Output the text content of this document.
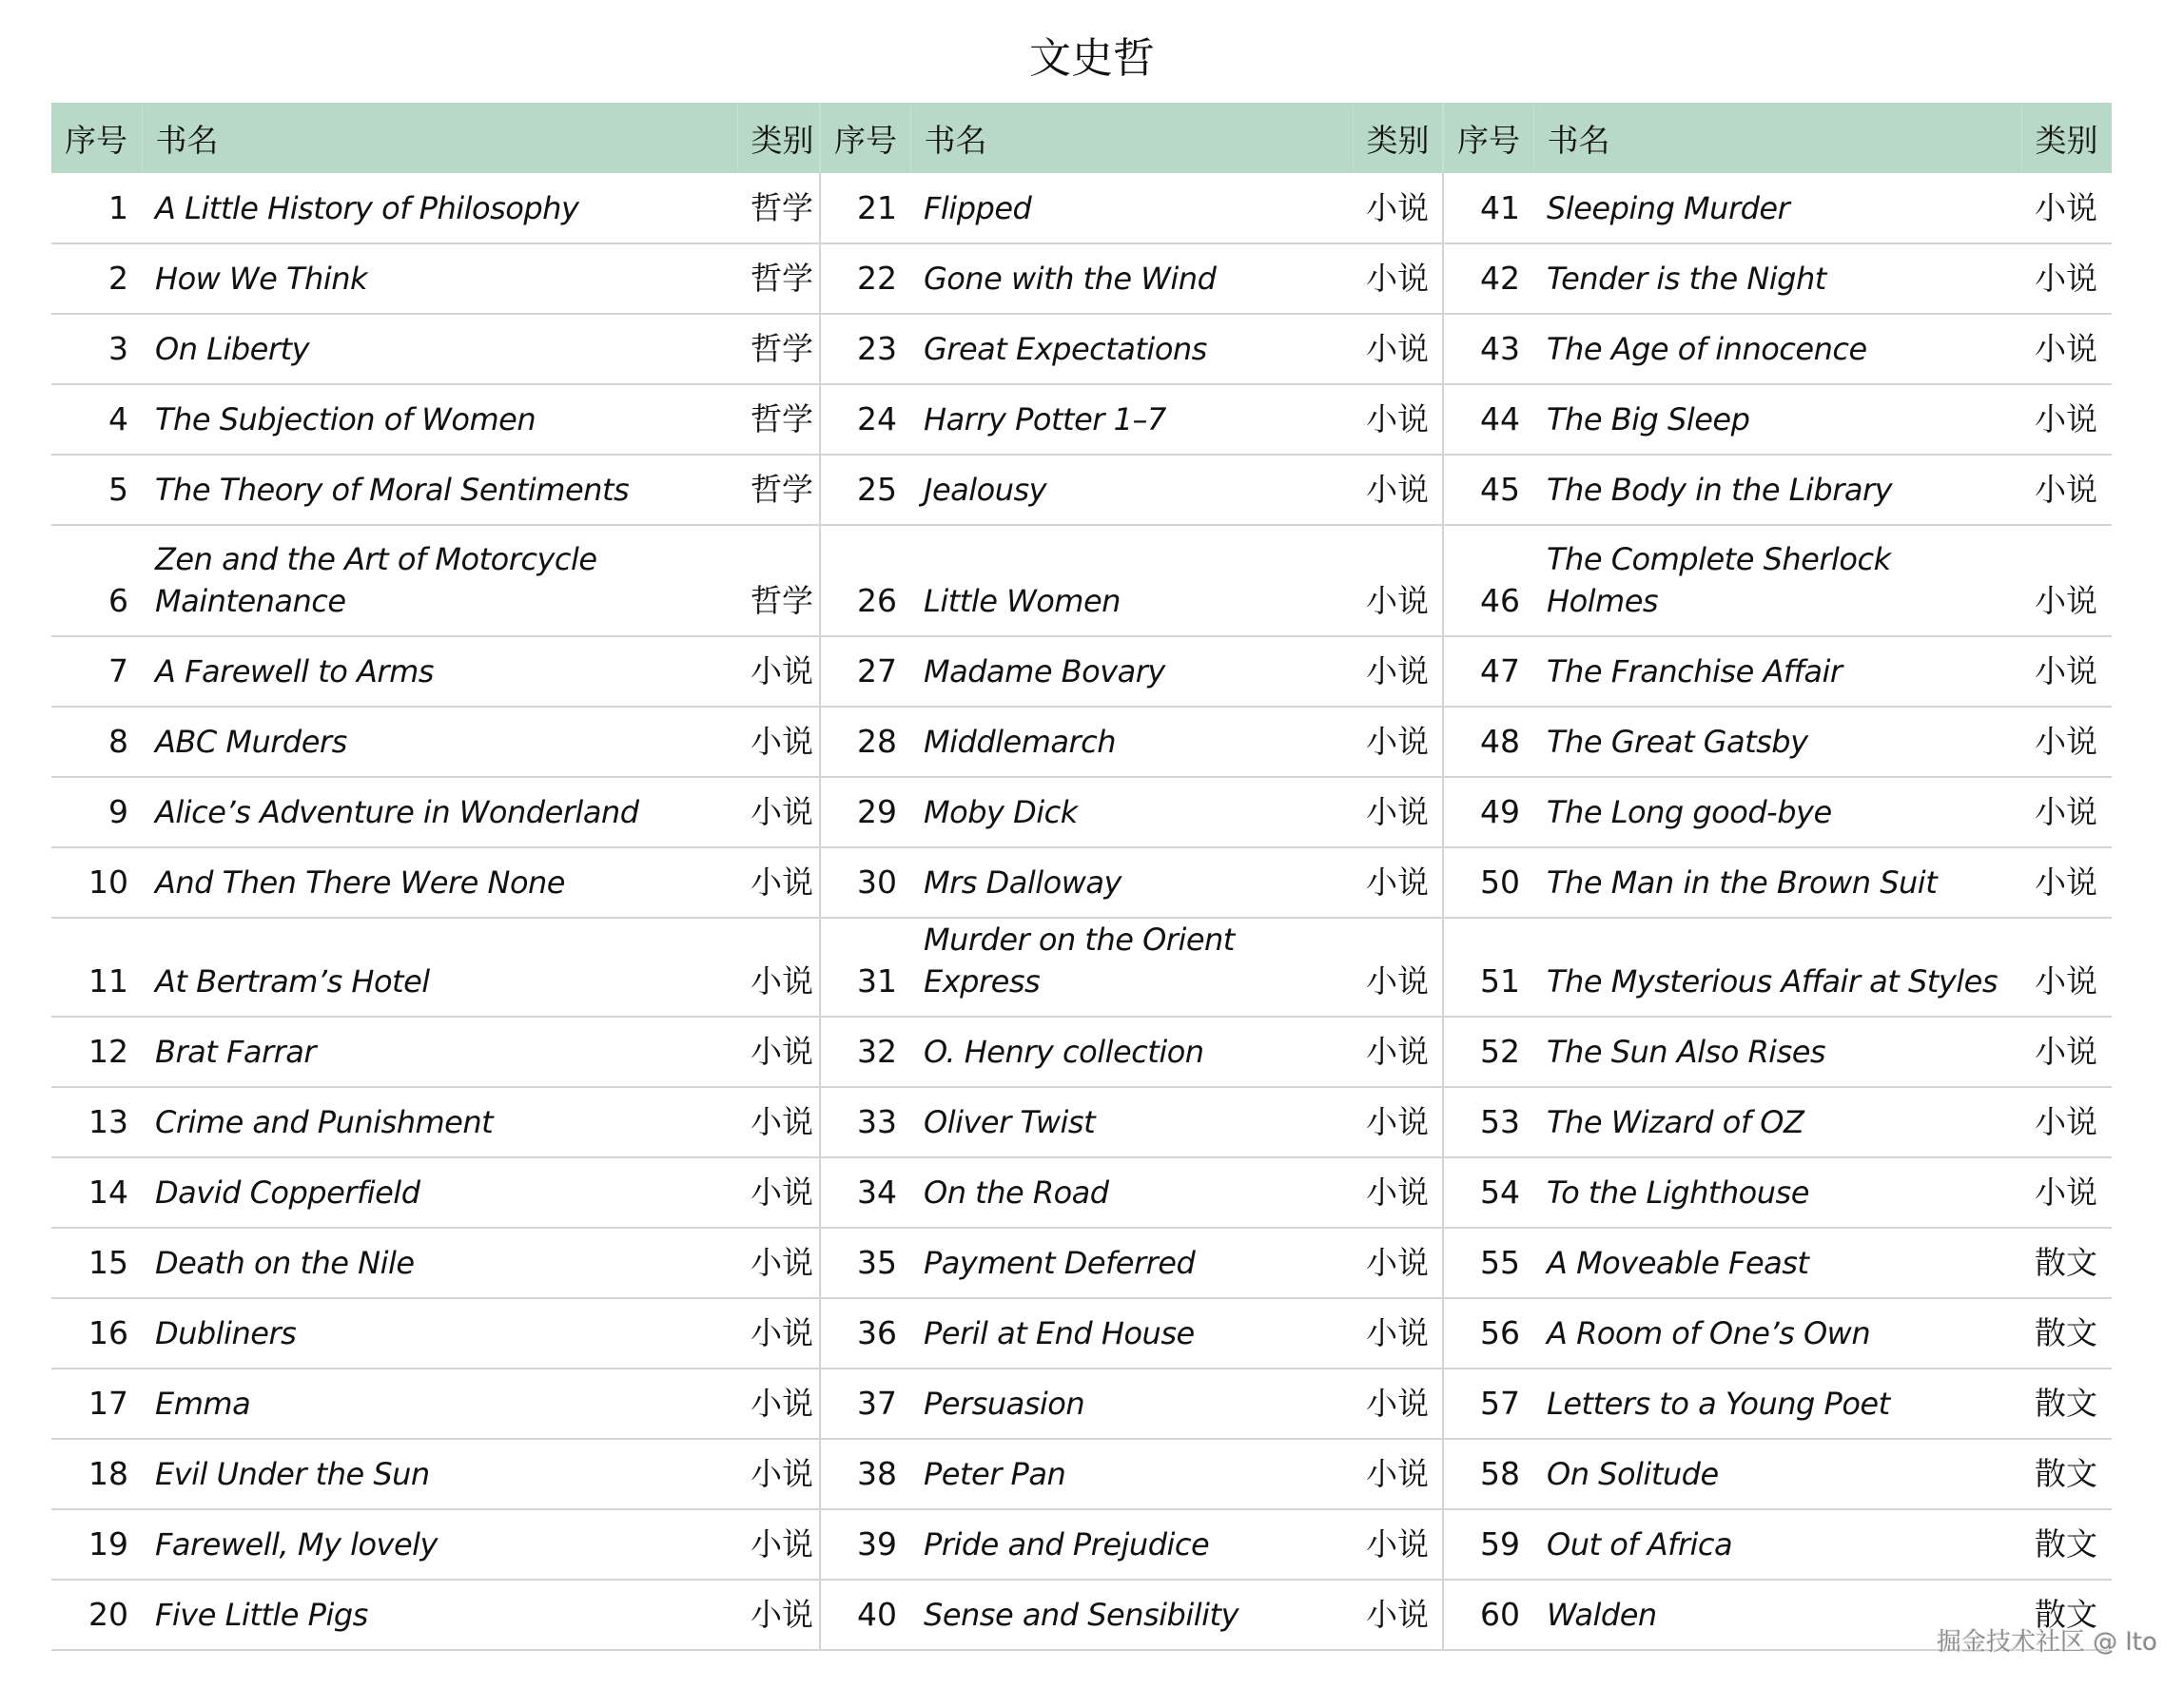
文史哲
序号	书名	类别	序号	书名	类别	序号	书名	类别
1	A Little History of Philosophy	哲学	21	Flipped	小说	41	Sleeping Murder	小说
2	How We Think	哲学	22	Gone with the Wind	小说	42	Tender is the Night	小说
3	On Liberty	哲学	23	Great Expectations	小说	43	The Age of innocence	小说
4	The Subjection of Women	哲学	24	Harry Potter 1–7	小说	44	The Big Sleep	小说
5	The Theory of Moral Sentiments	哲学	25	Jealousy	小说	45	The Body in the Library	小说
6	Zen and the Art of Motorcycle Maintenance	哲学	26	Little Women	小说	46	The Complete Sherlock Holmes	小说
7	A Farewell to Arms	小说	27	Madame Bovary	小说	47	The Franchise Affair	小说
8	ABC Murders	小说	28	Middlemarch	小说	48	The Great Gatsby	小说
9	Alice’s Adventure in Wonderland	小说	29	Moby Dick	小说	49	The Long good-bye	小说
10	And Then There Were None	小说	30	Mrs Dalloway	小说	50	The Man in the Brown Suit	小说
11	At Bertram’s Hotel	小说	31	Murder on the Orient Express	小说	51	The Mysterious Affair at Styles	小说
12	Brat Farrar	小说	32	O. Henry collection	小说	52	The Sun Also Rises	小说
13	Crime and Punishment	小说	33	Oliver Twist	小说	53	The Wizard of OZ	小说
14	David Copperfield	小说	34	On the Road	小说	54	To the Lighthouse	小说
15	Death on the Nile	小说	35	Payment Deferred	小说	55	A Moveable Feast	散文
16	Dubliners	小说	36	Peril at End House	小说	56	A Room of One’s Own	散文
17	Emma	小说	37	Persuasion	小说	57	Letters to a Young Poet	散文
18	Evil Under the Sun	小说	38	Peter Pan	小说	58	On Solitude	散文
19	Farewell, My lovely	小说	39	Pride and Prejudice	小说	59	Out of Africa	散文
20	Five Little Pigs	小说	40	Sense and Sensibility	小说	60	Walden	散文
掘金技术社区 @ lto
